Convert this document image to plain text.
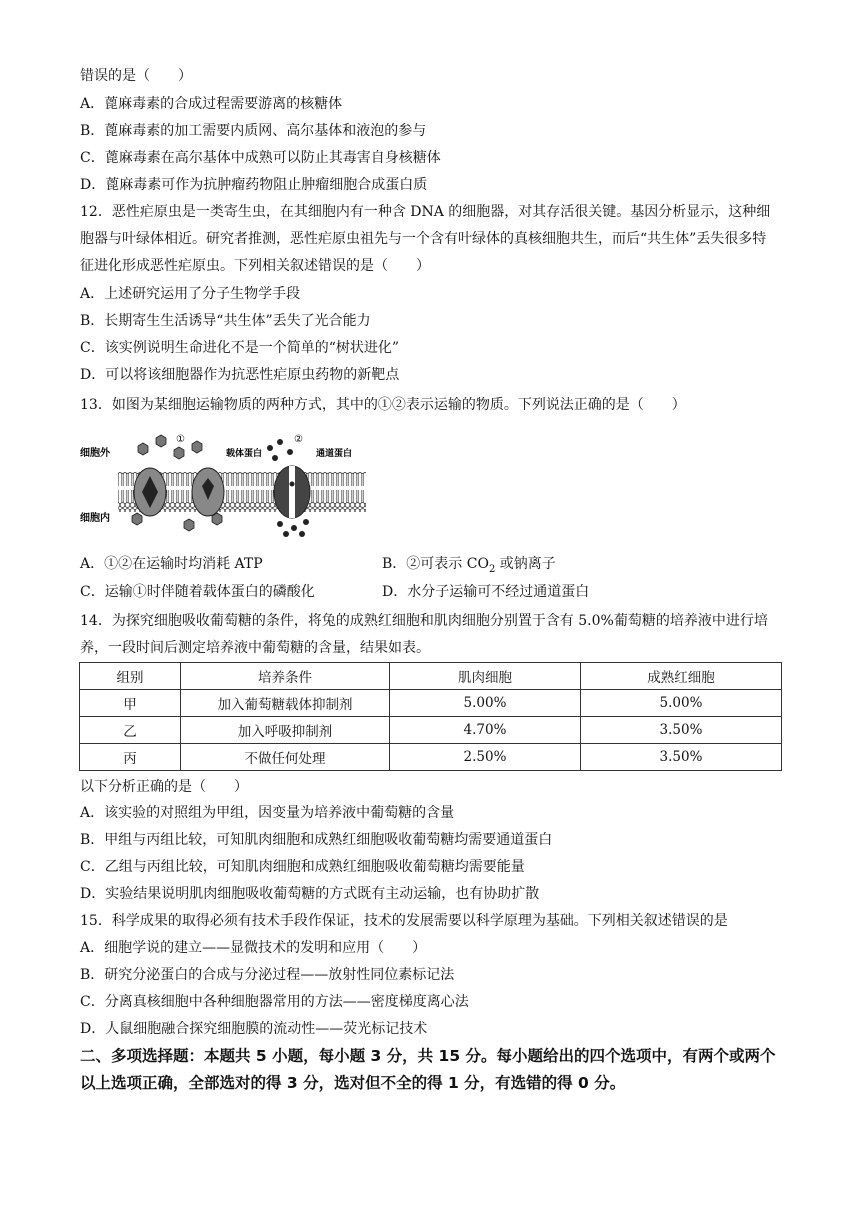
错误的是（　　）
A．蓖麻毒素的合成过程需要游离的核糖体
B．蓖麻毒素的加工需要内质网、高尔基体和液泡的参与
C．蓖麻毒素在高尔基体中成熟可以防止其毒害自身核糖体
D．蓖麻毒素可作为抗肿瘤药物阻止肿瘤细胞合成蛋白质
12．恶性疟原虫是一类寄生虫，在其细胞内有一种含 DNA 的细胞器，对其存活很关键。基因分析显示，这种细胞器与叶绿体相近。研究者推测，恶性疟原虫祖先与一个含有叶绿体的真核细胞共生，而后“共生体”丢失很多特征进化形成恶性疟原虫。下列相关叙述错误的是（　　）
A．上述研究运用了分子生物学手段
B．长期寄生生活诱导“共生体”丢失了光合能力
C．该实例说明生命进化不是一个简单的“树状进化”
D．可以将该细胞器作为抗恶性疟原虫药物的新靶点
13．如图为某细胞运输物质的两种方式，其中的①②表示运输的物质。下列说法正确的是（　　）
细胞外
细胞内
①
载体蛋白
②
通道蛋白
A．①②在运输时均消耗 ATP	B．②可表示 $CO_2$ 或钠离子
C．运输①时伴随着载体蛋白的磷酸化	D．水分子运输可不经过通道蛋白
14．为探究细胞吸收葡萄糖的条件，将兔的成熟红细胞和肌肉细胞分别置于含有 5.0%葡萄糖的培养液中进行培养，一段时间后测定培养液中葡萄糖的含量，结果如表。
组别	培养条件	肌肉细胞	成熟红细胞
甲	加入葡萄糖载体抑制剂	5.00%	5.00%
乙	加入呼吸抑制剂	4.70%	3.50%
丙	不做任何处理	2.50%	3.50%
以下分析正确的是（　　）
A．该实验的对照组为甲组，因变量为培养液中葡萄糖的含量
B．甲组与丙组比较，可知肌肉细胞和成熟红细胞吸收葡萄糖均需要通道蛋白
C．乙组与丙组比较，可知肌肉细胞和成熟红细胞吸收葡萄糖均需要能量
D．实验结果说明肌肉细胞吸收葡萄糖的方式既有主动运输，也有协助扩散
15．科学成果的取得必须有技术手段作保证，技术的发展需要以科学原理为基础。下列相关叙述错误的是
A．细胞学说的建立——显微技术的发明和应用（　　）
B．研究分泌蛋白的合成与分泌过程——放射性同位素标记法
C．分离真核细胞中各种细胞器常用的方法——密度梯度离心法
D．人鼠细胞融合探究细胞膜的流动性——荧光标记技术
二、多项选择题：本题共 5 小题，每小题 3 分，共 15 分。每小题给出的四个选项中，有两个或两个以上选项正确，全部选对的得 3 分，选对但不全的得 1 分，有选错的得 0 分。
